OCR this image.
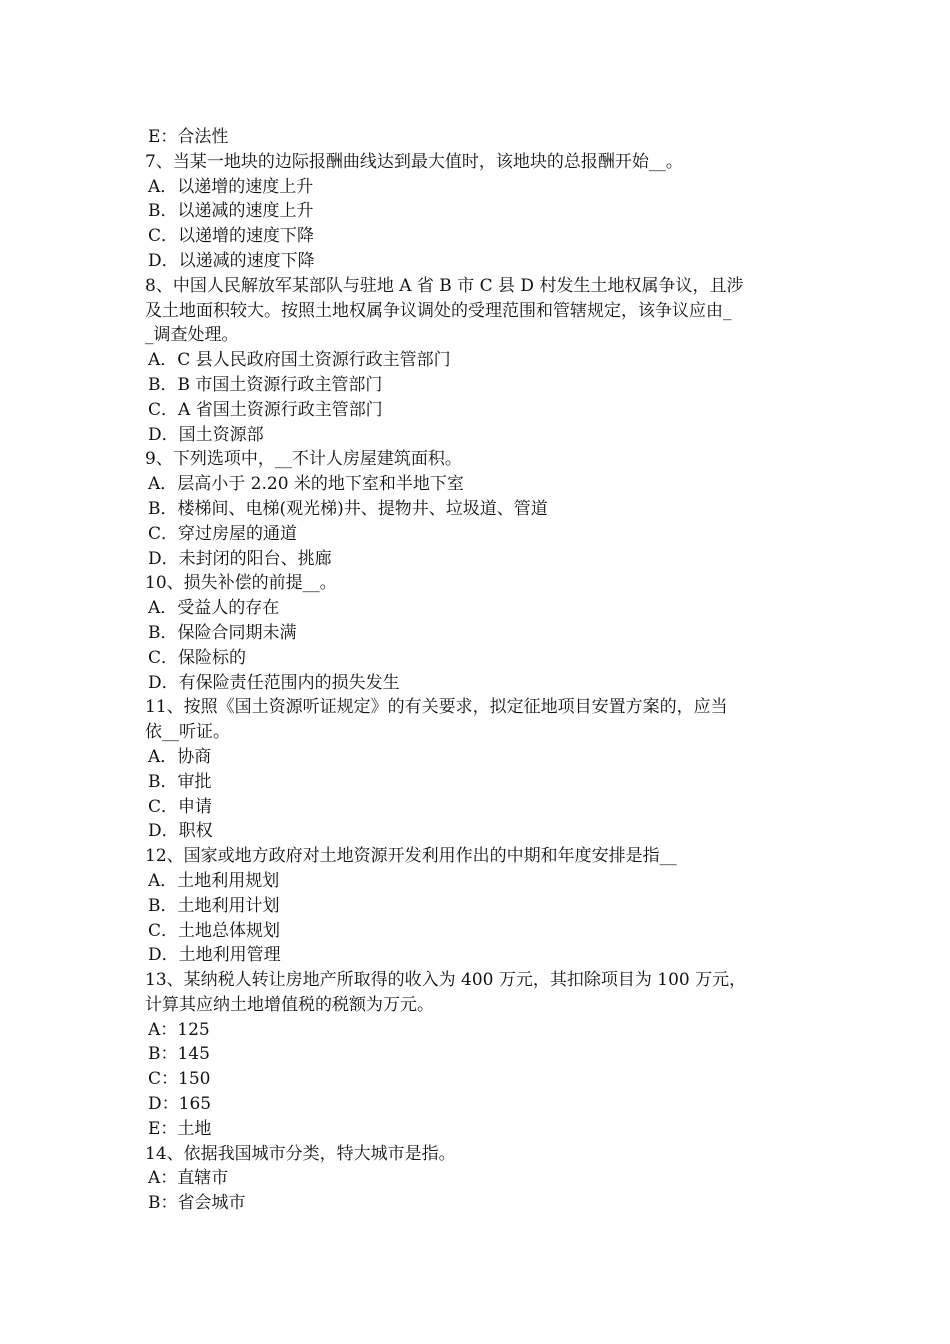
E：合法性
7、当某一地块的边际报酬曲线达到最大值时，该地块的总报酬开始__。
A．以递增的速度上升
B．以递减的速度上升
C．以递增的速度下降
D．以递减的速度下降
8、中国人民解放军某部队与驻地 A 省 B 市 C 县 D 村发生土地权属争议，且涉
及土地面积较大。按照土地权属争议调处的受理范围和管辖规定，该争议应由_
_调查处理。
A．C 县人民政府国土资源行政主管部门
B．B 市国土资源行政主管部门
C．A 省国土资源行政主管部门
D．国土资源部
9、下列选项中，__不计人房屋建筑面积。
A．层高小于 2.20 米的地下室和半地下室
B．楼梯间、电梯(观光梯)井、提物井、垃圾道、管道
C．穿过房屋的通道
D．未封闭的阳台、挑廊
10、损失补偿的前提__。
A．受益人的存在
B．保险合同期未满
C．保险标的
D．有保险责任范围内的损失发生
11、按照《国土资源听证规定》的有关要求，拟定征地项目安置方案的，应当
依__听证。
A．协商
B．审批
C．申请
D．职权
12、国家或地方政府对土地资源开发利用作出的中期和年度安排是指__
A．土地利用规划
B．土地利用计划
C．土地总体规划
D．土地利用管理
13、某纳税人转让房地产所取得的收入为 400 万元，其扣除项目为 100 万元，
计算其应纳土地增值税的税额为万元。
A：125
B：145
C：150
D：165
E：土地
14、依据我国城市分类，特大城市是指。
A：直辖市
B：省会城市
